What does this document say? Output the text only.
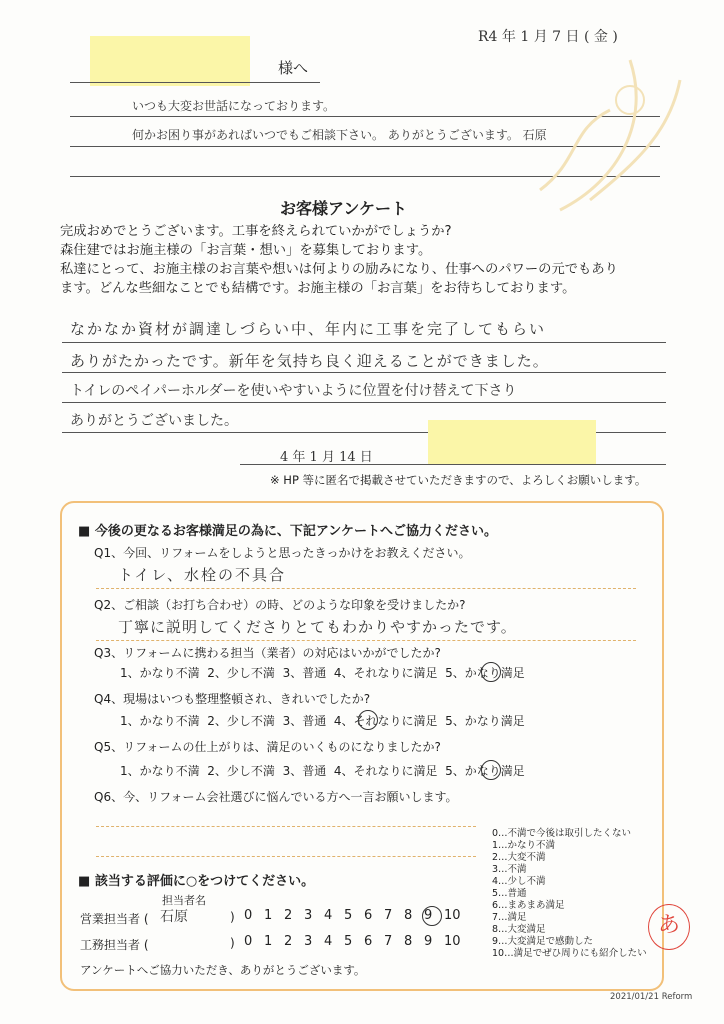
R4 年 1 月 7 日 ( 金 )
様へ
いつも大変お世話になっております。
何かお困り事があればいつでもご相談下さい。 ありがとうございます。 石原
お客様アンケート
完成おめでとうございます。工事を終えられていかがでしょうか?
森住建ではお施主様の「お言葉・想い」を募集しております。
私達にとって、お施主様のお言葉や想いは何よりの励みになり、仕事へのパワーの元でもあり
ます。どんな些細なことでも結構です。お施主様の「お言葉」をお待ちしております。
なかなか資材が調達しづらい中、年内に工事を完了してもらい
ありがたかったです。新年を気持ち良く迎えることができました。
トイレのペイパーホルダーを使いやすいように位置を付け替えて下さり
ありがとうございました。
4 年 1 月 14 日
※ HP 等に匿名で掲載させていただきますので、よろしくお願いします。
■ 今後の更なるお客様満足の為に、下記アンケートへご協力ください。
Q1、今回、リフォームをしようと思ったきっかけをお教えください。
トイレ、水栓の不具合
Q2、ご相談（お打ち合わせ）の時、どのような印象を受けましたか?
丁寧に説明してくださりとてもわかりやすかったです。
Q3、リフォームに携わる担当（業者）の対応はいかがでしたか?
1、かなり不満 2、少し不満 3、普通 4、それなりに満足 5、かなり満足
Q4、現場はいつも整理整頓され、きれいでしたか?
1、かなり不満 2、少し不満 3、普通 4、それなりに満足 5、かなり満足
Q5、リフォームの仕上がりは、満足のいくものになりましたか?
1、かなり不満 2、少し不満 3、普通 4、それなりに満足 5、かなり満足
Q6、今、リフォーム会社選びに悩んでいる方へ一言お願いします。
0…不満で今後は取引したくない
1…かなり不満
2…大変不満
3…不満
4…少し不満
5…普通
6…まあまあ満足
7…満足
8…大変満足
9…大変満足で感動した
10…満足でぜひ周りにも紹介したい
■ 該当する評価に○をつけてください。
担当者名
営業担当者 ( 石原	) 0 1 2 3 4 5 6 7 8 9 10
工務担当者 (	) 0 1 2 3 4 5 6 7 8 9 10
アンケートへご協力いただき、ありがとうございます。
あ
2021/01/21 Reform
